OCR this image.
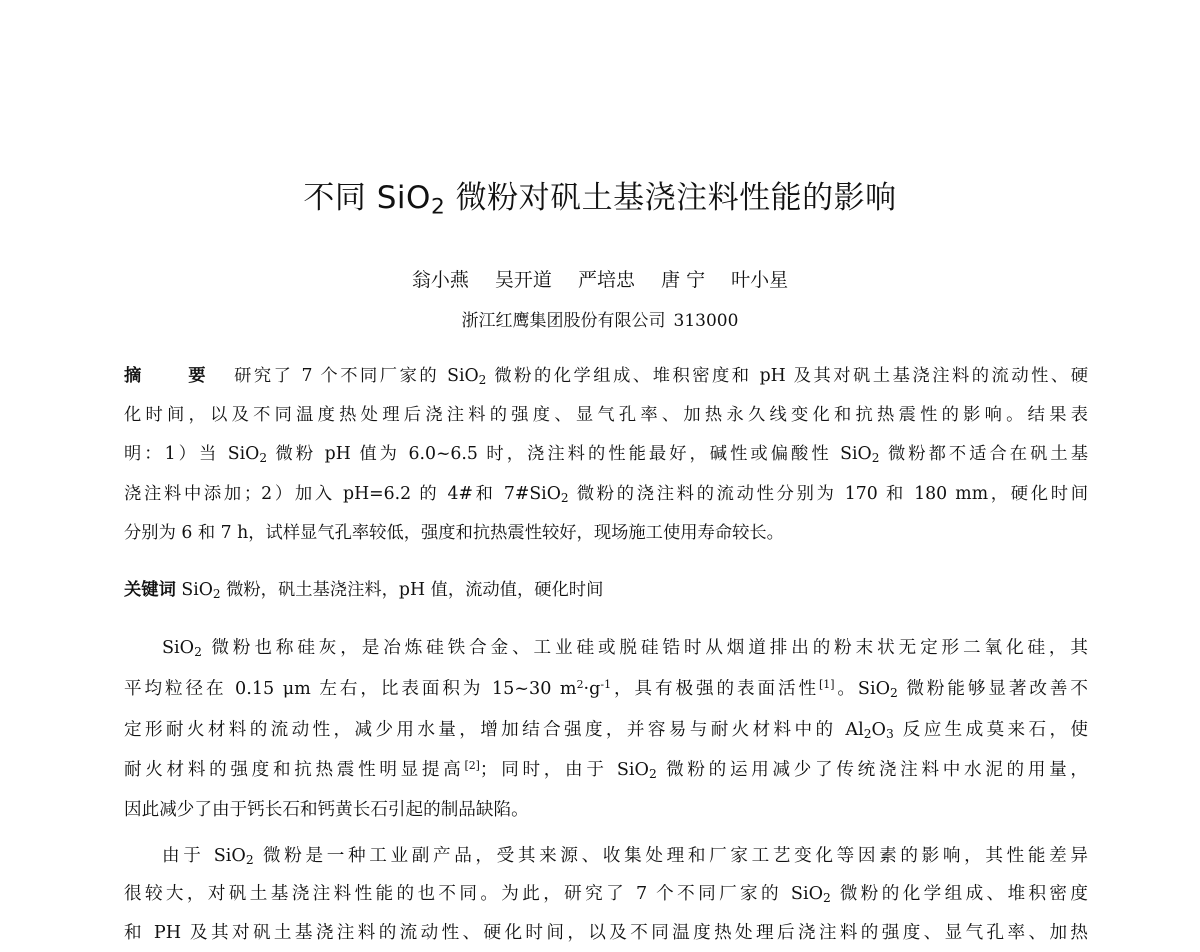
不同 SiO$_2$ 微粉对矾土基浇注料性能的影响
翁小燕 吴开道 严培忠 唐 宁 叶小星
浙江红鹰集团股份有限公司 313000
摘 要 研究了 7 个不同厂家的 SiO$_2$ 微粉的化学组成、堆积密度和 pH 及其对矾土基浇注料的流动性、硬
化时间，以及不同温度热处理后浇注料的强度、显气孔率、加热永久线变化和抗热震性的影响。结果表
明：1）当 SiO$_2$ 微粉 pH 值为 6.0~6.5 时，浇注料的性能最好，碱性或偏酸性 SiO$_2$ 微粉都不适合在矾土基
浇注料中添加；2）加入 pH=6.2 的 4#和 7#SiO$_2$ 微粉的浇注料的流动性分别为 170 和 180 mm，硬化时间
分别为 6 和 7 h，试样显气孔率较低，强度和抗热震性较好，现场施工使用寿命较长。
关键词 SiO$_2$ 微粉，矾土基浇注料，pH 值，流动值，硬化时间
SiO$_2$ 微粉也称硅灰，是冶炼硅铁合金、工业硅或脱硅锆时从烟道排出的粉末状无定形二氧化硅，其
平均粒径在 0.15 μm 左右，比表面积为 15~30 $m^2\cdot g^{-1}$，具有极强的表面活性[1]。SiO$_2$ 微粉能够显著改善不
定形耐火材料的流动性，减少用水量，增加结合强度，并容易与耐火材料中的 $Al_2O_3$ 反应生成莫来石，使
耐火材料的强度和抗热震性明显提高[2]；同时，由于 SiO$_2$ 微粉的运用减少了传统浇注料中水泥的用量，
因此减少了由于钙长石和钙黄长石引起的制品缺陷。
由于 SiO$_2$ 微粉是一种工业副产品，受其来源、收集处理和厂家工艺变化等因素的影响，其性能差异
很较大，对矾土基浇注料性能的也不同。为此，研究了 7 个不同厂家的 SiO$_2$ 微粉的化学组成、堆积密度
和 PH 及其对矾土基浇注料的流动性、硬化时间，以及不同温度热处理后浇注料的强度、显气孔率、加热
